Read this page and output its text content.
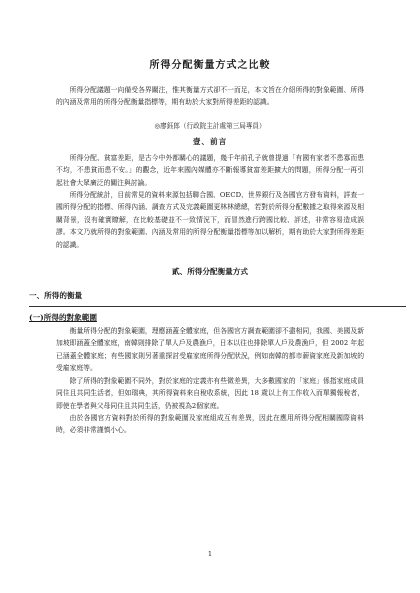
所得分配衡量方式之比較

所得分配議題一向備受各界關注，惟其衡量方式卻不一而足，本文旨在介紹所得的對象範圍、所得的內涵及常用的所得分配衡量指標等，期有助於大家對所得差距的認識。

◎廖鈺郎（行政院主計處第三局專員）

壹、前言

所得分配、貧富差距，是古今中外都關心的議題，幾千年前孔子就曾提過「有國有家者不患寡而患不均，不患貧而患不安。」的觀念，近年來國內媒體亦不斷報導貧富差距擴大的問題，所得分配一再引起社會大眾廣泛的關注與討論。

所得分配統計，目前常見的資料來源包括聯合國、OECD、世界銀行及各國官方發布資料，詳查一國所得分配的指標、所得內涵、調查方式及完義範圍更林林總總，若對於所得分配數據之取得來源及相關背景，沒有確實瞭解，在比較基礎並不一致情況下，而冒然進行跨國比較、評述，非常容易造成誤謬。本文乃就所得的對象範圍、內涵及常用的所得分配衡量指標等加以解析，期有助於大家對所得差距的認識。

貳、所得分配衡量方式
一、所得的衡量
(一)所得的對象範圍

衡量所得分配的對象範圍，理應涵蓋全體家庭，但各國官方調查範圍卻不盡相同，我國、美國及新加坡即涵蓋全體家庭，南韓則排除了單人戶及農漁戶，日本以往也排除單人戶及農漁戶，但 2002 年起已涵蓋全體家庭；有些國家則另著重探討受雇家庭所得分配狀況，例如南韓的都市薪資家庭及新加坡的受雇家庭等。

除了所得的對象範圍不同外，對於家庭的定義亦有些微差異，大多數國家的「家庭」係指家庭成員同住且共同生活者，但如瑞典，其所得資料來自稅收系統，因此 18 歲以上有工作收入而單獨報稅者，即使在學者與父母同住且共同生活，仍被視為2個家庭。

由於各國官方資料對於所得的對象範圍及家庭組成互有差異，因此在應用所得分配相關國際資料時，必須非常謹慎小心。

1
